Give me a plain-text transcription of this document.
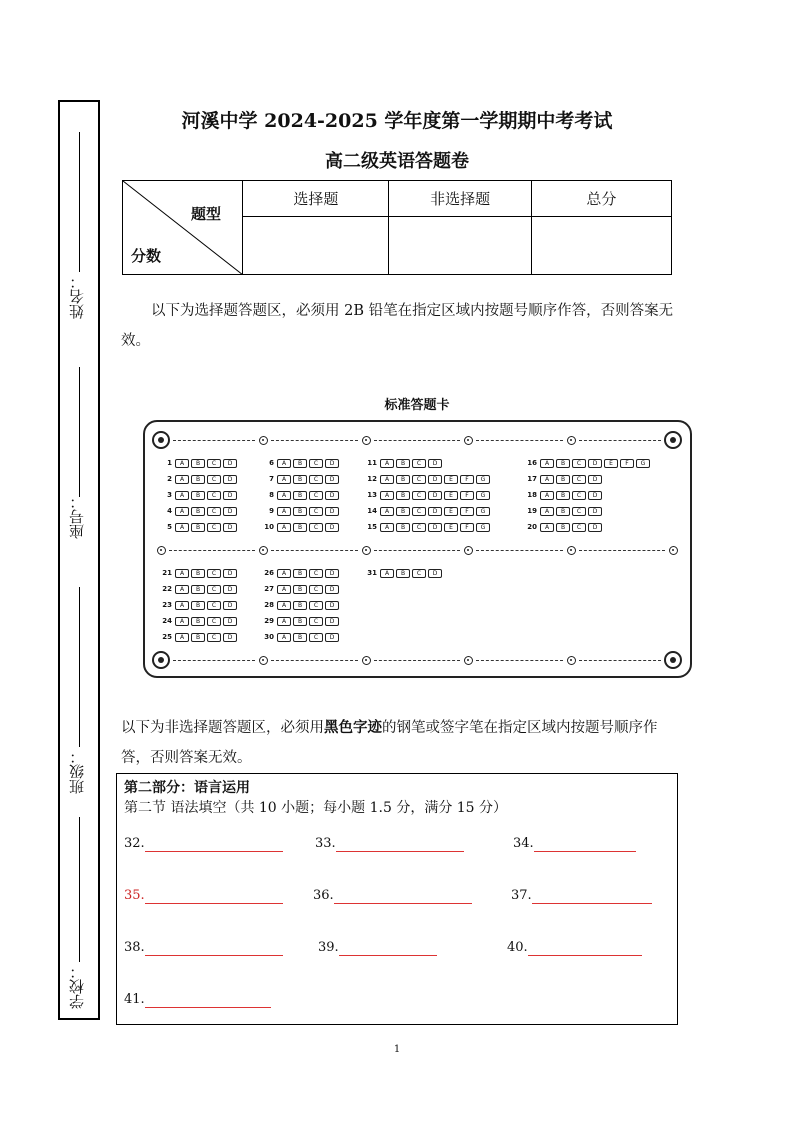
姓名：
座号：
班级：
学校：
河溪中学 2024-2025 学年度第一学期期中考考试
高二级英语答题卷
题型
分数	选择题	非选择题	总分

以下为选择题答题区，必须用 2B 铅笔在指定区域内按题号顺序作答，否则答案无效。
标准答题卡
1	A	B	C	D
2	A	B	C	D
3	A	B	C	D
4	A	B	C	D
5	A	B	C	D
6	A	B	C	D
7	A	B	C	D
8	A	B	C	D
9	A	B	C	D
10	A	B	C	D
11	A	B	C	D
12	A	B	C	D	E	F	G
13	A	B	C	D	E	F	G
14	A	B	C	D	E	F	G
15	A	B	C	D	E	F	G
16	A	B	C	D	E	F	G
17	A	B	C	D
18	A	B	C	D
19	A	B	C	D
20	A	B	C	D
21	A	B	C	D
22	A	B	C	D
23	A	B	C	D
24	A	B	C	D
25	A	B	C	D
26	A	B	C	D
27	A	B	C	D
28	A	B	C	D
29	A	B	C	D
30	A	B	C	D
31	A	B	C	D
以下为非选择题答题区，必须用黑色字迹的钢笔或签字笔在指定区域内按题号顺序作答，否则答案无效。
第二部分：语言运用
第二节 语法填空（共 10 小题；每小题 1.5 分，满分 15 分）
32.	33.	34.
35.	36.	37.
38.	39.	40.
41.
1
